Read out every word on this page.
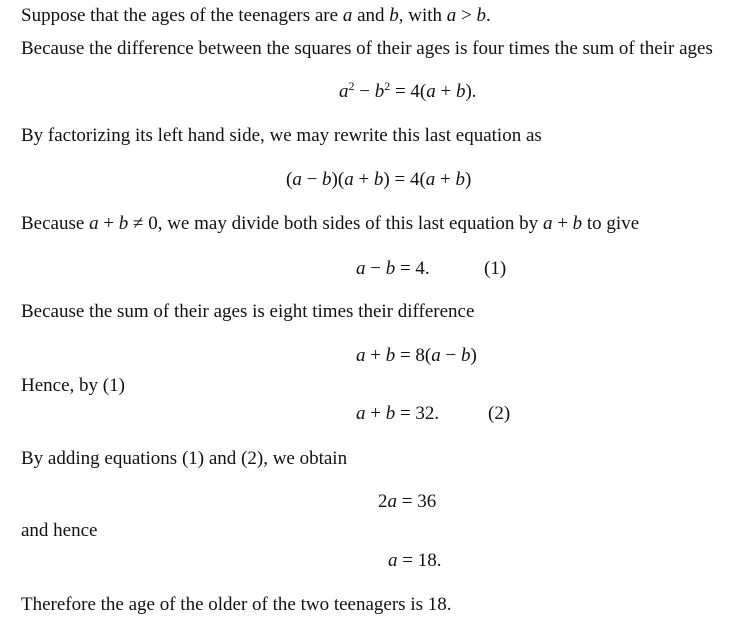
Suppose that the ages of the teenagers are a and b, with a > b.
Because the difference between the squares of their ages is four times the sum of their ages
$a^2 - b^2 = 4(a + b)$.
By factorizing its left hand side, we may rewrite this last equation as
(a − b)(a + b) = 4(a + b)
Because a + b ≠ 0, we may divide both sides of this last equation by a + b to give
a − b = 4.	(1)
Because the sum of their ages is eight times their difference
a + b = 8(a − b)
Hence, by (1)
a + b = 32.	(2)
By adding equations (1) and (2), we obtain
2a = 36
and hence
a = 18.
Therefore the age of the older of the two teenagers is 18.
